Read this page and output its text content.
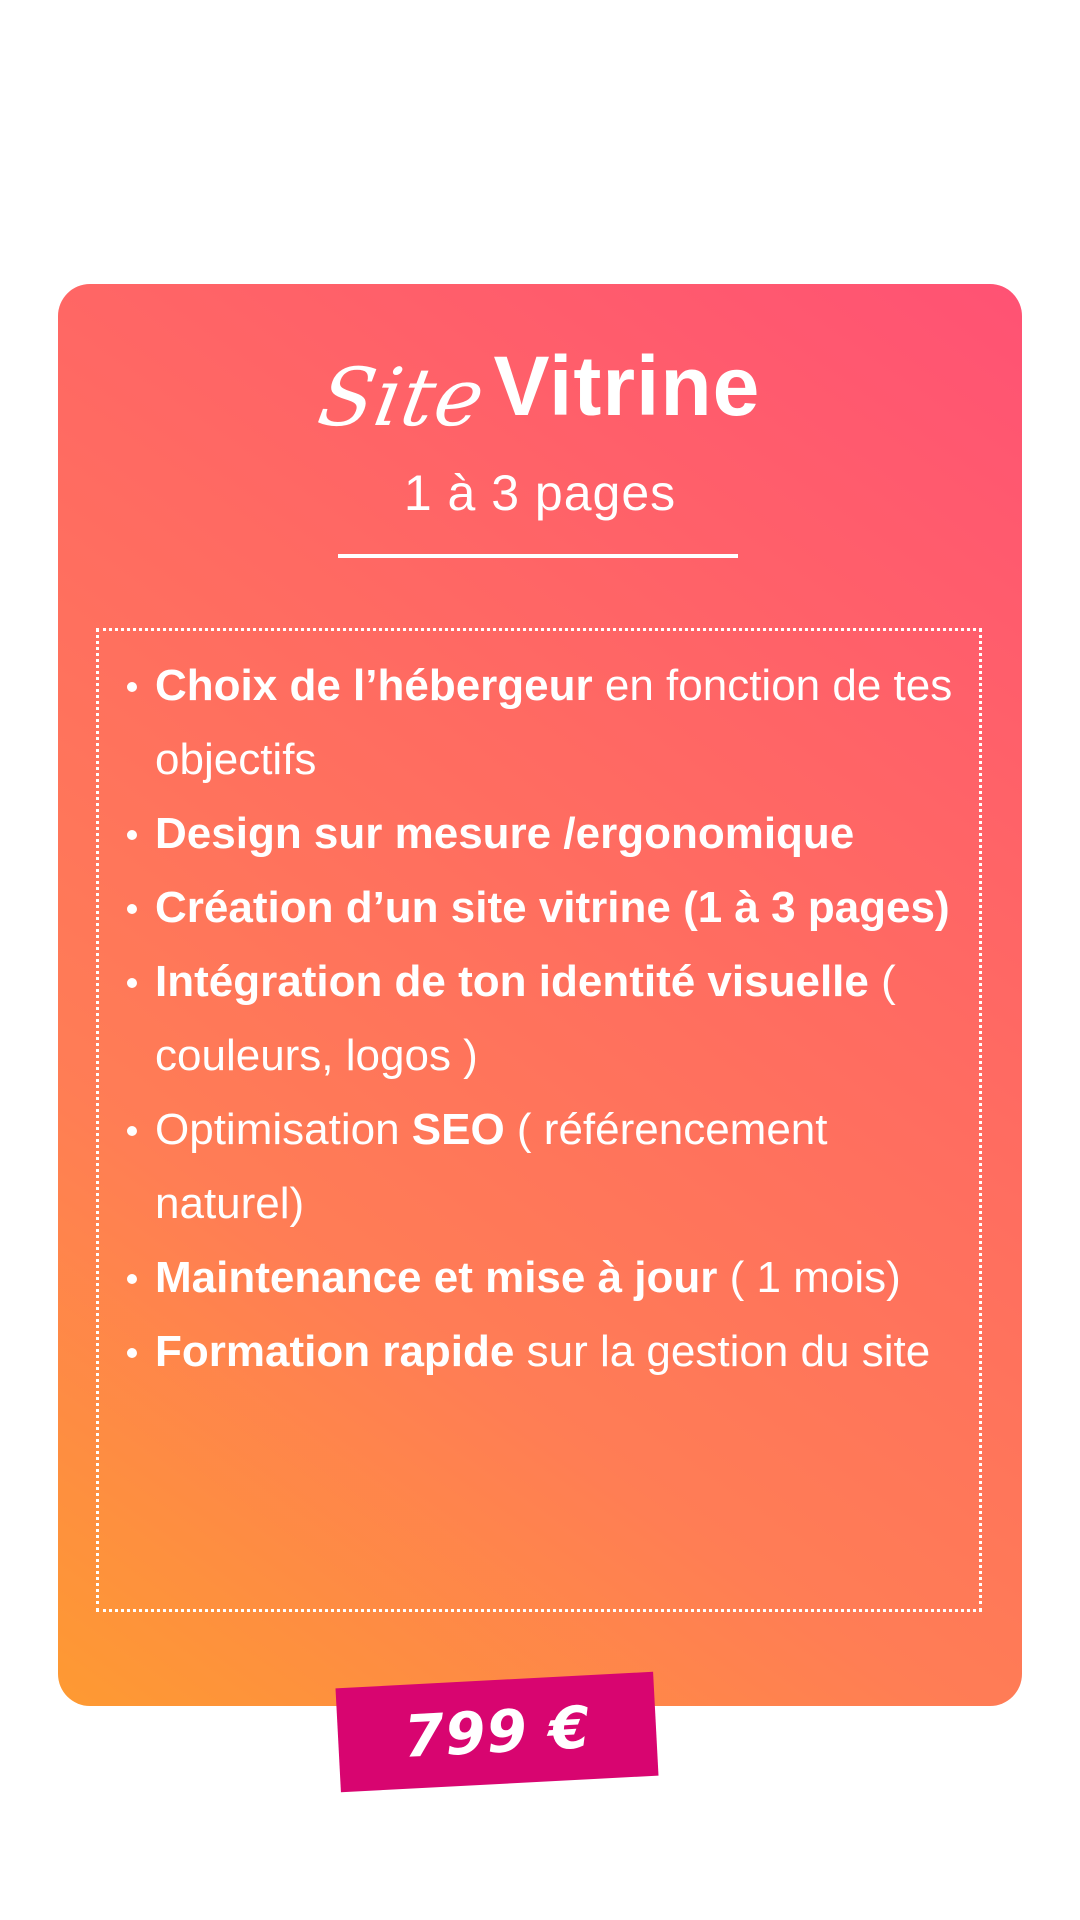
Site Vitrine
1 à 3 pages
Choix de l’hébergeur en fonction de tes objectifs
Design sur mesure /ergonomique
Création d’un site vitrine (1 à 3 pages)
Intégration de ton identité visuelle ( couleurs, logos )
Optimisation SEO ( référencement naturel)
Maintenance et mise à jour ( 1 mois)
Formation rapide sur la gestion du site
799 €
